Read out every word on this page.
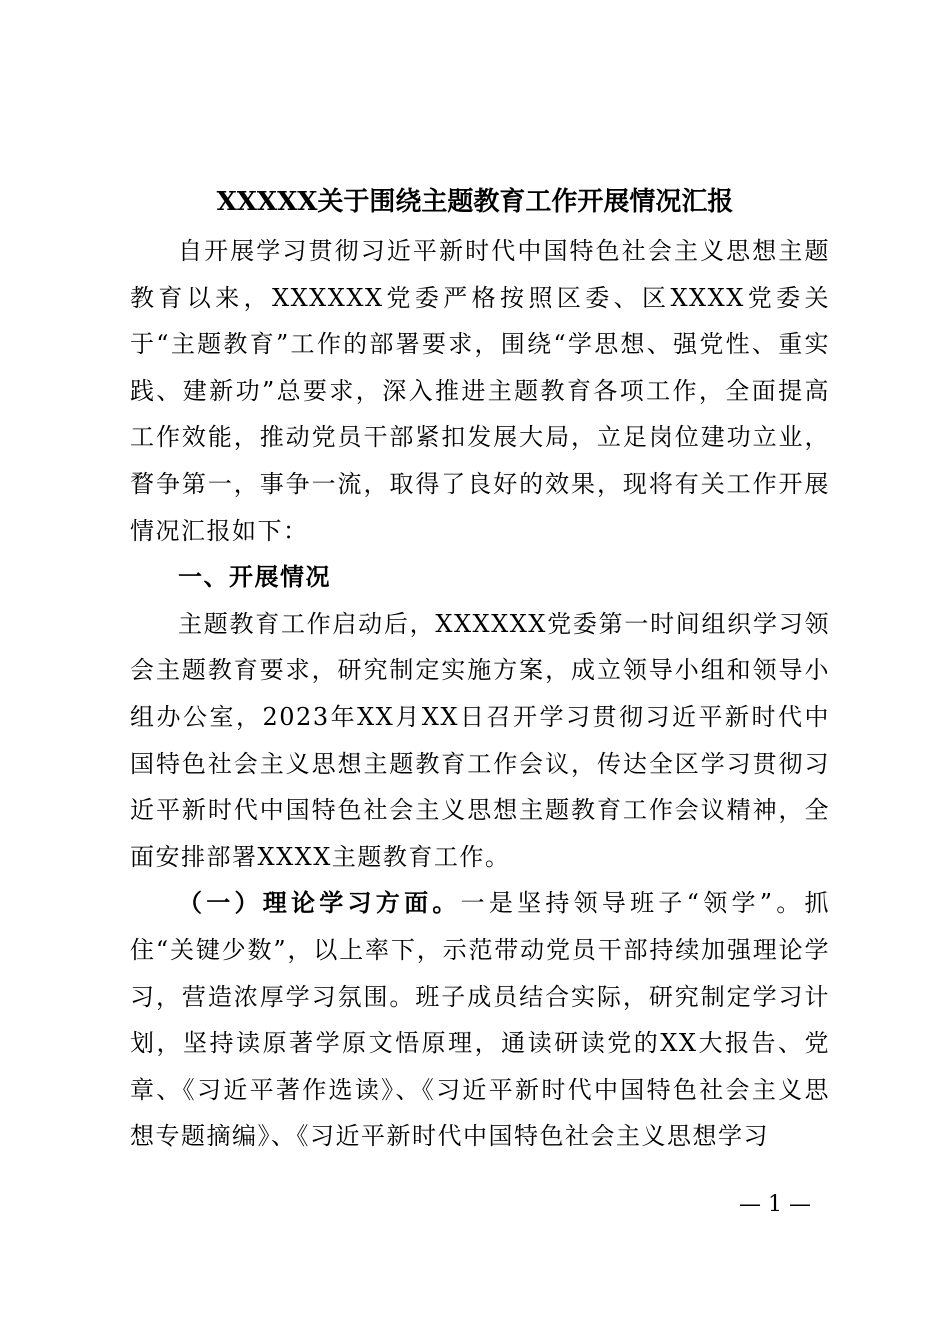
XXXXX关于围绕主题教育工作开展情况汇报

自开展学习贯彻习近平新时代中国特色社会主义思想主题教育以来，XXXXXX党委严格按照区委、区XXXX党委关于“主题教育”工作的部署要求，围绕“学思想、强党性、重实践、建新功”总要求，深入推进主题教育各项工作，全面提高工作效能，推动党员干部紧扣发展大局，立足岗位建功立业，瞀争第一，事争一流，取得了良好的效果，现将有关工作开展情况汇报如下：

一、开展情况

主题教育工作启动后，XXXXXX党委第一时间组织学习领会主题教育要求，研究制定实施方案，成立领导小组和领导小组办公室，2023年XX月XX日召开学习贯彻习近平新时代中国特色社会主义思想主题教育工作会议，传达全区学习贯彻习近平新时代中国特色社会主义思想主题教育工作会议精神，全面安排部署XXXX主题教育工作。

（一）理论学习方面。一是坚持领导班子“领学”。抓住“关键少数”，以上率下，示范带动党员干部持续加强理论学习，营造浓厚学习氛围。班子成员结合实际，研究制定学习计划，坚持读原著学原文悟原理，通读研读党的XX大报告、党章、《习近平著作选读》、《习近平新时代中国特色社会主义思想专题摘编》、《习近平新时代中国特色社会主义思想学习

— 1 —
